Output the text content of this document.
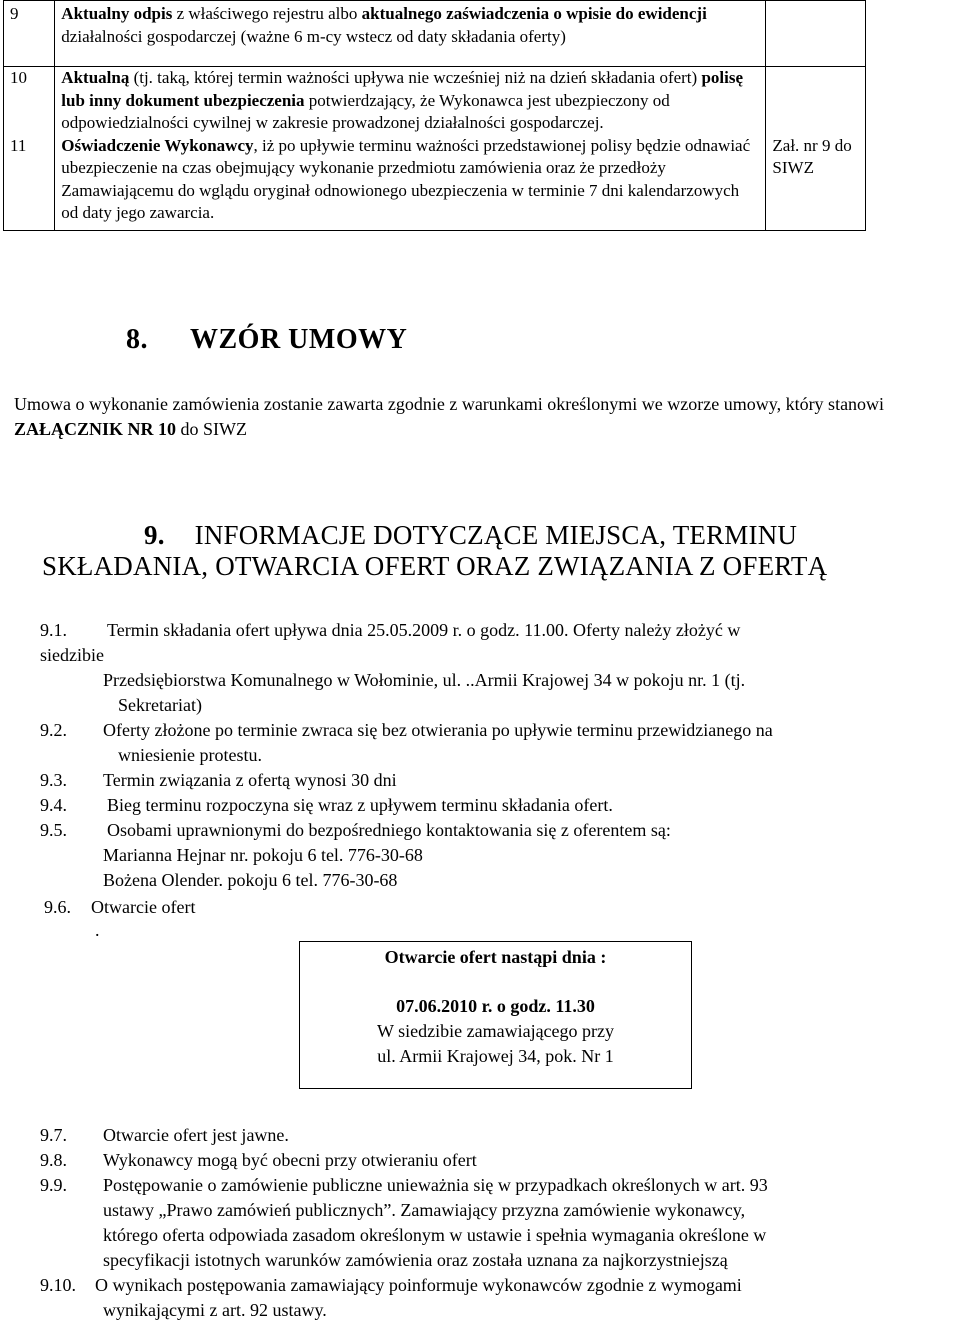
9	Aktualny odpis z właściwego rejestru albo aktualnego zaświadczenia o wpisie do ewidencji działalności gospodarczej (ważne 6 m-cy wstecz od daty składania oferty)	
10	Aktualną (tj. taką, której termin ważności upływa nie wcześniej niż na dzień składania ofert) polisę lub inny dokument ubezpieczenia potwierdzający, że Wykonawca jest ubezpieczony od odpowiedzialności cywilnej w zakresie prowadzonej działalności gospodarczej.	
11	Oświadczenie Wykonawcy, iż po upływie terminu ważności przedstawionej polisy będzie odnawiać ubezpieczenie na czas obejmujący wykonanie przedmiotu zamówienia oraz że przedłoży Zamawiającemu do wglądu oryginał odnowionego ubezpieczenia w terminie 7 dni kalendarzowych od daty jego zawarcia.	Zał. nr 9 do SIWZ
8. WZÓR UMOWY
Umowa o wykonanie zamówienia zostanie zawarta zgodnie z warunkami określonymi we wzorze umowy, który stanowi ZAŁĄCZNIK NR 10 do SIWZ
9. INFORMACJE DOTYCZĄCE MIEJSCA, TERMINU SKŁADANIA, OTWARCIA OFERT ORAZ ZWIĄZANIA Z OFERTĄ
9.1. Termin składania ofert upływa dnia 25.05.2009 r. o godz. 11.00. Oferty należy złożyć w
siedzibie
Przedsiębiorstwa Komunalnego w Wołominie, ul. ..Armii Krajowej 34 w pokoju nr. 1 (tj.
Sekretariat)
9.2. Oferty złożone po terminie zwraca się bez otwierania po upływie terminu przewidzianego na
wniesienie protestu.
9.3. Termin związania z ofertą wynosi 30 dni
9.4. Bieg terminu rozpoczyna się wraz z upływem terminu składania ofert.
9.5. Osobami uprawnionymi do bezpośredniego kontaktowania się z oferentem są:
Marianna Hejnar nr. pokoju 6 tel. 776-30-68
Bożena Olender. pokoju 6 tel. 776-30-68
9.6. Otwarcie ofert
.
Otwarcie ofert nastąpi dnia :
07.06.2010 r. o godz. 11.30
W siedzibie zamawiającego przy
ul. Armii Krajowej 34, pok. Nr 1
9.7. Otwarcie ofert jest jawne.
9.8. Wykonawcy mogą być obecni przy otwieraniu ofert
9.9. Postępowanie o zamówienie publiczne unieważnia się w przypadkach określonych w art. 93
ustawy „Prawo zamówień publicznych”. Zamawiający przyzna zamówienie wykonawcy,
którego oferta odpowiada zasadom określonym w ustawie i spełnia wymagania określone w
specyfikacji istotnych warunków zamówienia oraz została uznana za najkorzystniejszą
9.10. O wynikach postępowania zamawiający poinformuje wykonawców zgodnie z wymogami
wynikającymi z art. 92 ustawy.
